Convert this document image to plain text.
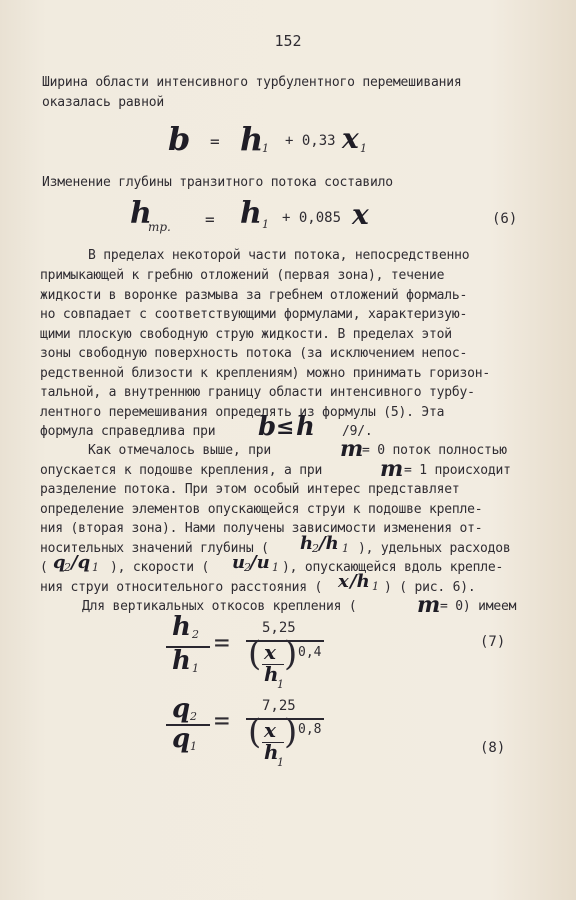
152
Ширина области интенсивного турбулентного перемешивания
оказалась равной
b = h
1 + 0,33 x 1
Изменение глубины транзитного потока составило
h
тр. = h 1 + 0,085 x	(6)
В пределах некоторой части потока, непосредственно
примыкающей к гребню отложений (первая зона), течение
жидкости в воронке размыва за гребнем отложений формаль-
но совпадает с соответствующими формулами, характеризую-
щими плоскую свободную струю жидкости. В пределах этой
зоны свободную поверхность потока (за исключением непос-
редственной близости к креплениям) можно принимать горизон-
тальной, а внутреннюю границу области интенсивного турбу-
лентного перемешивания определять из формулы (5). Эта
формула справедлива при b ≤ h /9/.
Как отмечалось выше, при	m
= 0 поток полностью
опускается к подошве крепления, а при	m = 1 происходит
разделение потока. При этом особый интерес представляет
определение элементов опускающейся струи к подошве крепле-
ния (вторая зона). Нами получены зависимости изменения от-
носительных значений глубины ( h
2 /h 1 ), удельных расходов
( q
2 /q 1 ), скорости ( u
2 /u 1 ), опускающейся вдоль крепле-
ния струи относительного расстояния ( x /h 1 ) ( рис. 6).
Для вертикальных откосов крепления (	m = 0) имеем
h 2
h 1
= 5,25
( x
h
1
) 0,4
(7)
q 2
q 1
= 7,25
( x
h
1
) 0,8
(8)
